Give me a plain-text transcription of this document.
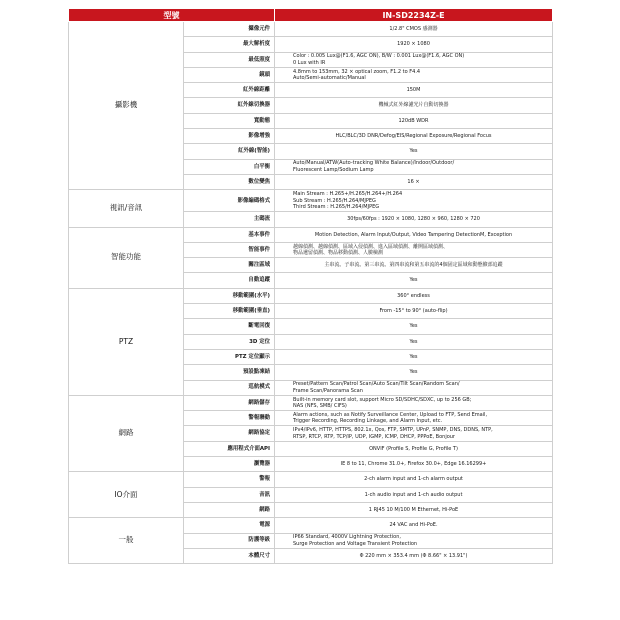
型號		IN-SD2234Z-E
攝影機	攝像元件	1/2.8" CMOS 感測器
	最大解析度	1920 × 1080
	最低照度	Color : 0.005 Lux@(F1.6, AGC ON), B/W : 0.001 Lux@(F1.6, AGC ON)
0 Lux with IR
	鏡頭	4.8mm to 153mm, 32 × optical zoom, F1.2 to F4.4
Auto/Semi-automatic/Manual
	紅外線距離	150M
	紅外線切換器	機械式紅外線濾光片自動切換器
	寬動態	120dB WDR
	影像增強	HLC/BLC/3D DNR/Defog/EIS/Regional Exposure/Regional Focus
	紅外線(智能)	Yes
	白平衡	Auto/Manual/ATW(Auto-tracking White Balance)/Indoor/Outdoor/
Fluorescent Lamp/Sodium Lamp
	數位變焦	16 ×
視訊/音訊	影像編碼格式	Main Stream : H.265+/H.265/H.264+/H.264
Sub Stream : H.265/H.264/MJPEG
Third Stream : H.265/H.264/MJPEG
	主碼流	30fps/60fps : 1920 × 1080, 1280 × 960, 1280 × 720
智能功能	基本事件	Motion Detection, Alarm Input/Output, Video Tampering DetectionM, Exception
	智能事件	越線偵測、越線偵測、區域入侵偵測、進入區域偵測、離開區域偵測、
物品遺留偵測、物品移動偵測、人臉檢測
	關注區域	主串流、子串流、第三串流、第四串流和第五串流的4個固定區域和動態臉部追蹤
	自動追蹤	Yes
PTZ	移動範圍(水平)	360° endless
	移動範圍(垂直)	From -15° to 90° (auto-flip)
	斷電回復	Yes
	3D 定位	Yes
	PTZ 定位顯示	Yes
	預設點凍結	Yes
	巡航模式	Preset/Pattern Scan/Patrol Scan/Auto Scan/Tilt Scan/Random Scan/
Frame Scan/Panorama Scan
網路	網路儲存	Built-in memory card slot, support Micro SD/SDHC/SDXC, up to 256 GB;
NAS (NFS, SMB/ CIFS)
	警報聯動	Alarm actions, such as Notify Surveillance Center, Upload to FTP, Send Email,
Trigger Recording, Recording Linkage, and Alarm Input, etc.
	網路協定	IPv4/IPv6, HTTP, HTTPS, 802.1x, Qos, FTP, SMTP, UPnP, SNMP, DNS, DDNS, NTP,
RTSP, RTCP, RTP, TCP/IP, UDP, IGMP, ICMP, DHCP, PPPoE, Bonjour
	應用程式介面API	ONVIF (Profile S, Profile G, Profile T)
	瀏覽器	IE 8 to 11, Chrome 31.0+, Firefox 30.0+, Edge 16.16299+
IO介面	警報	2-ch alarm input and 1-ch alarm output
	音訊	1-ch audio input and 1-ch audio output
	網路	1 RJ45 10 M/100 M Ethernet, Hi-PoE
一般	電源	24 VAC and Hi-PoE.
	防護等級	IP66 Standard, 4000V Lightning Protection,
Surge Protection and Voltage Transient Protection
	本體尺寸	Φ 220 mm × 353.4 mm (Φ 8.66" × 13.91")
